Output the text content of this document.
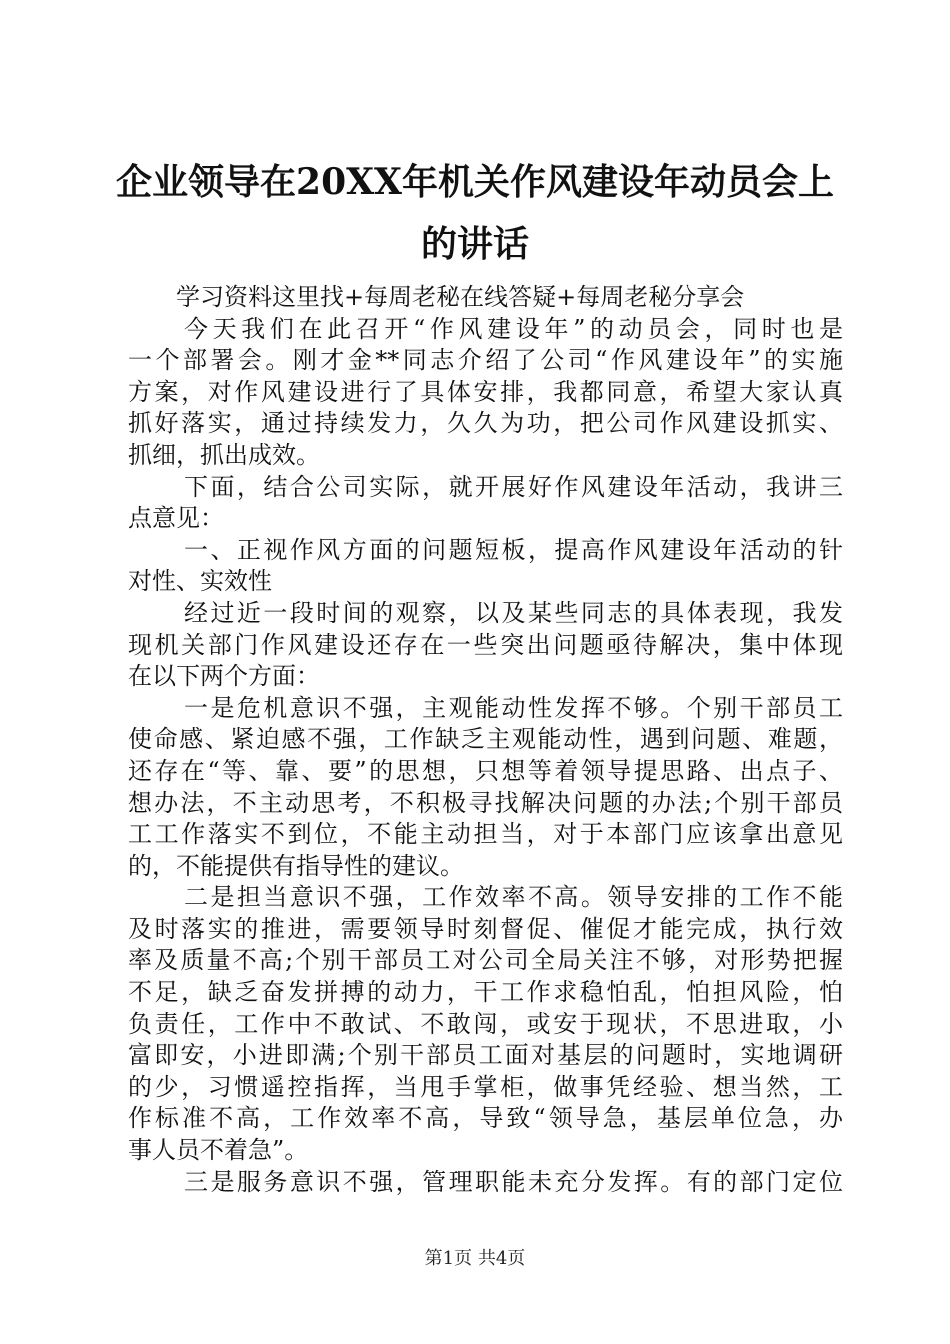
企业领导在20XX年机关作风建设年动员会上
的讲话
学习资料这里找+每周老秘在线答疑+每周老秘分享会
今天我们在此召开“作风建设年”的动员会，同时也是
一个部署会。刚才金**同志介绍了公司“作风建设年”的实施
方案，对作风建设进行了具体安排，我都同意，希望大家认真
抓好落实，通过持续发力，久久为功，把公司作风建设抓实、
抓细，抓出成效。
下面，结合公司实际，就开展好作风建设年活动，我讲三
点意见：
一、正视作风方面的问题短板，提高作风建设年活动的针
对性、实效性
经过近一段时间的观察，以及某些同志的具体表现，我发
现机关部门作风建设还存在一些突出问题亟待解决，集中体现
在以下两个方面：
一是危机意识不强，主观能动性发挥不够。个别干部员工
使命感、紧迫感不强，工作缺乏主观能动性，遇到问题、难题，
还存在“等、靠、要”的思想，只想等着领导提思路、出点子、
想办法，不主动思考，不积极寻找解决问题的办法;个别干部员
工工作落实不到位，不能主动担当，对于本部门应该拿出意见
的，不能提供有指导性的建议。
二是担当意识不强，工作效率不高。领导安排的工作不能
及时落实的推进，需要领导时刻督促、催促才能完成，执行效
率及质量不高;个别干部员工对公司全局关注不够，对形势把握
不足，缺乏奋发拼搏的动力，干工作求稳怕乱，怕担风险，怕
负责任，工作中不敢试、不敢闯，或安于现状，不思进取，小
富即安，小进即满;个别干部员工面对基层的问题时，实地调研
的少，习惯遥控指挥，当甩手掌柜，做事凭经验、想当然，工
作标准不高，工作效率不高，导致“领导急，基层单位急，办
事人员不着急”。
三是服务意识不强，管理职能未充分发挥。有的部门定位
第1页 共4页
